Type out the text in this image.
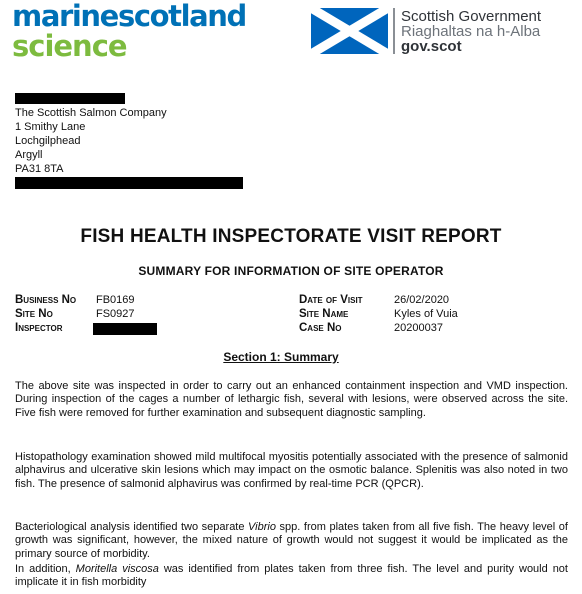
marinescotland
science
Scottish Government
Riaghaltas na h-Alba
gov.scot
The Scottish Salmon Company
1 Smithy Lane
Lochgilphead
Argyll
PA31 8TA
FISH HEALTH INSPECTORATE VISIT REPORT
SUMMARY FOR INFORMATION OF SITE OPERATOR
Business No	FB0169
Site No	FS0927
Inspector
Date of Visit	26/02/2020
Site Name	Kyles of Vuia
Case No	20200037
Section 1: Summary

The above site was inspected in order to carry out an enhanced containment inspection and VMD inspection. During inspection of the cages a number of lethargic fish, several with lesions, were observed across the site. Five fish were removed for further examination and subsequent diagnostic sampling.

Histopathology examination showed mild multifocal myositis potentially associated with the presence of salmonid alphavirus and ulcerative skin lesions which may impact on the osmotic balance. Splenitis was also noted in two fish. The presence of salmonid alphavirus was confirmed by real-time PCR (QPCR).

Bacteriological analysis identified two separate Vibrio spp. from plates taken from all five fish. The heavy level of growth was significant, however, the mixed nature of growth would not suggest it would be implicated as the primary source of morbidity.

In addition, Moritella viscosa was identified from plates taken from three fish. The level and purity would not implicate it in fish morbidity
